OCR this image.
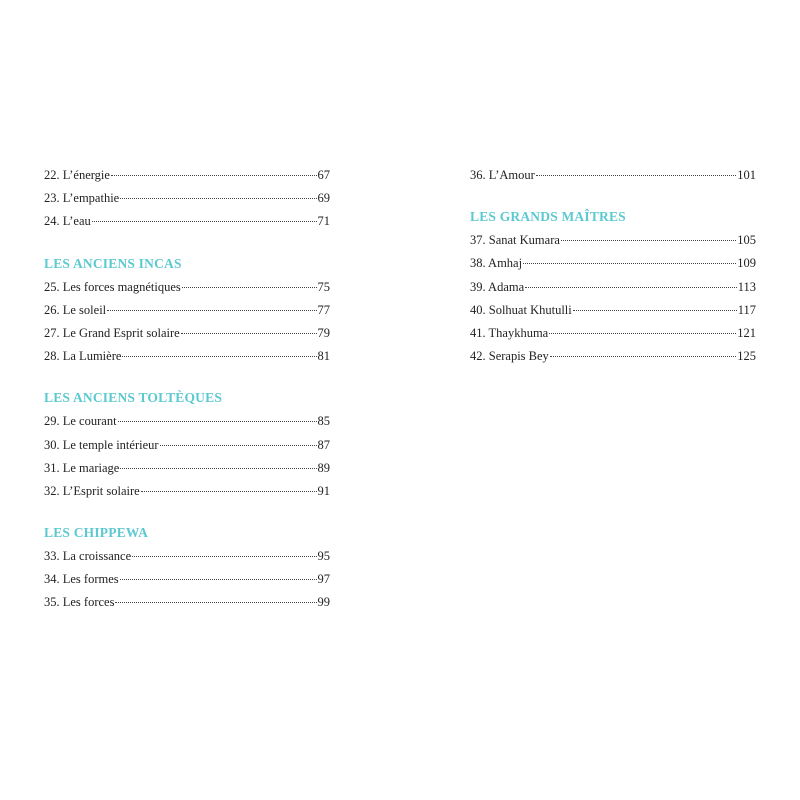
22. L’énergie	67
23. L’empathie	69
24. L’eau	71
LES ANCIENS INCAS
25. Les forces magnétiques	75
26. Le soleil	77
27. Le Grand Esprit solaire	79
28. La Lumière	81
LES ANCIENS TOLTÈQUES
29. Le courant	85
30. Le temple intérieur	87
31. Le mariage	89
32. L’Esprit solaire	91
LES CHIPPEWA
33. La croissance	95
34. Les formes	97
35. Les forces	99
36. L’Amour	101
LES GRANDS MAÎTRES
37. Sanat Kumara	105
38. Amhaj	109
39. Adama	113
40. Solhuat Khutulli	117
41. Thaykhuma	121
42. Serapis Bey	125
